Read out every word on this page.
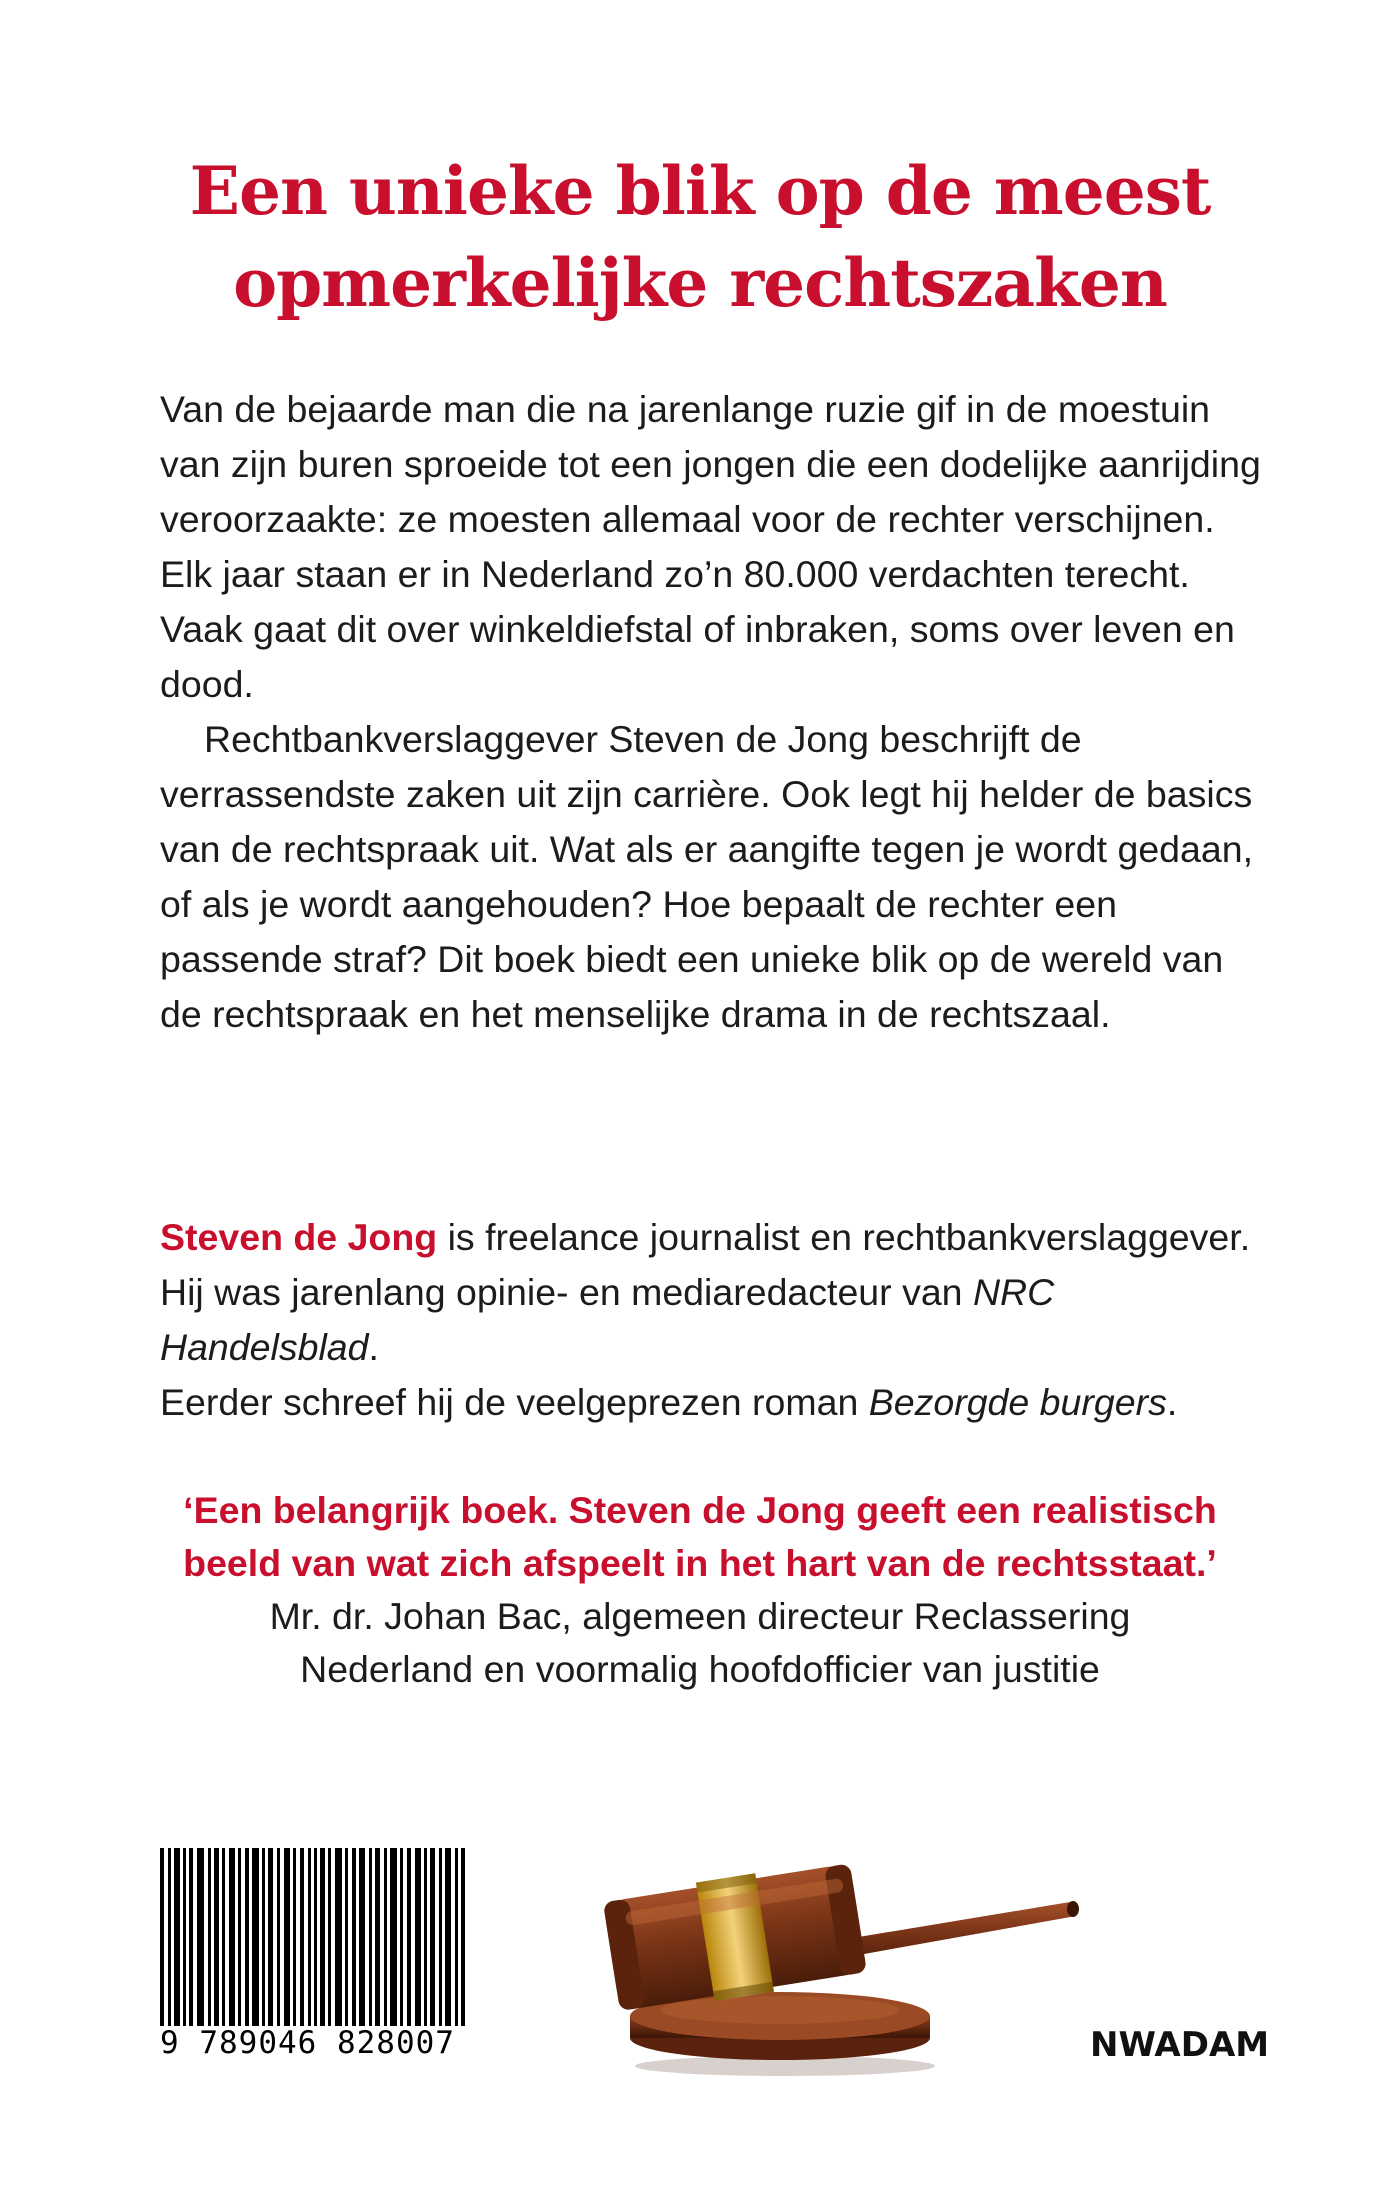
Een unieke blik op de meest
opmerkelijke rechtszaken

Van de bejaarde man die na jarenlange ruzie gif in de moestuin van zijn buren sproeide tot een jongen die een dodelijke aanrijding veroorzaakte: ze moesten allemaal voor de rechter verschijnen. Elk jaar staan er in Nederland zo’n 80.000 verdachten terecht. Vaak gaat dit over winkeldiefstal of inbraken, soms over leven en dood.

Rechtbankverslaggever Steven de Jong beschrijft de verrassendste zaken uit zijn carrière. Ook legt hij helder de basics van de rechtspraak uit. Wat als er aangifte tegen je wordt gedaan, of als je wordt aangehouden? Hoe bepaalt de rechter een passende straf? Dit boek biedt een unieke blik op de wereld van de rechtspraak en het menselijke drama in de rechtszaal.

Steven de Jong is freelance journalist en rechtbankverslaggever.

Hij was jarenlang opinie- en mediaredacteur van NRC Handelsblad.

Eerder schreef hij de veelgeprezen roman Bezorgde burgers.

‘Een belangrijk boek. Steven de Jong geeft een realistisch
beeld van wat zich afspeelt in het hart van de rechtsstaat.’

Mr. dr. Johan Bac, algemeen directeur Reclassering
Nederland en voormalig hoofdofficier van justitie

9 789046 828007	NWADAM
